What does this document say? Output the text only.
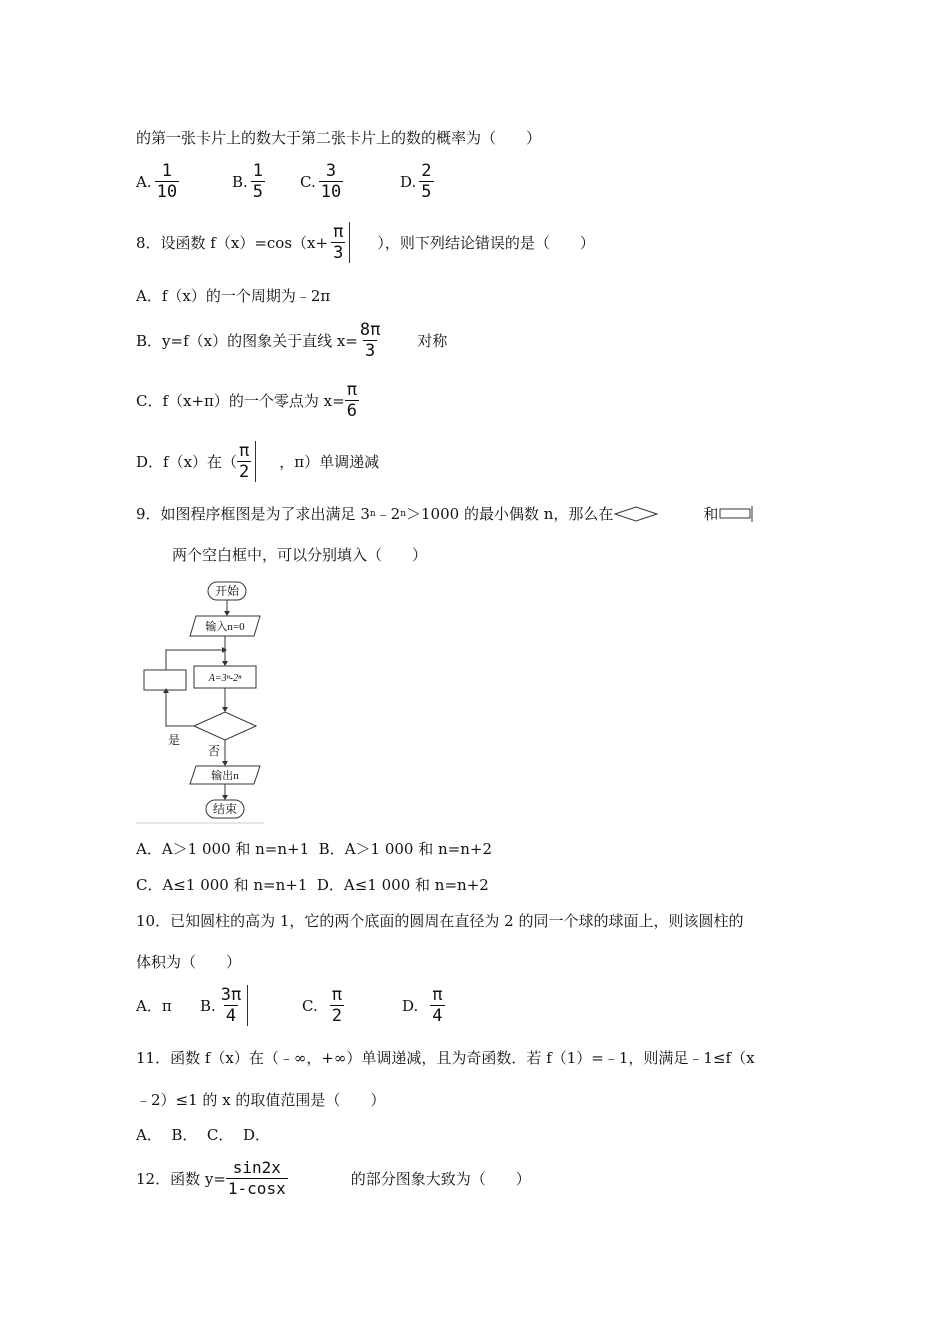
的第一张卡片上的数大于第二张卡片上的数的概率为（　　）
A. $\frac{1}{10}$	B. $\frac{1}{5} C$. $\frac{3}{10}$	D. $\frac{2}{5}$
8．设函数 $f(x)=\cos(x+ \frac{\pi}{3}$ ），则下列结论错误的是（　　）
A．f（x）的一个周期为﹣2π
B．y=f（x）的图象关于直线 $x= \frac{8\pi}{3}$ 对称
C．f（x+π）的一个零点为 $x= \frac{\pi}{6}$
D．f（x）在（ $\frac{\pi}{2}$ ，π）单调递减
9．如图程序框图是为了求出满足 3 n ﹣2 n ＞1000 的最小偶数 n，那么在	和
两个空白框中，可以分别填入（　　）
开始
输入n=0
A=3ⁿ-2ⁿ
是
否
输出n
结束
A．A＞1 000 和 n=n+1  B．A＞1 000 和 n=n+2
C．A≤1 000 和 n=n+1  D．A≤1 000 和 n=n+2
10．已知圆柱的高为 1，它的两个底面的圆周在直径为 2 的同一个球的球面上，则该圆柱的
体积为（　　）
A．π B. $\frac{3\pi}{4}$	C. $\frac{\pi}{2}$	D. $\frac{\pi}{4}$
11．函数 f（x）在（﹣∞，+∞）单调递减，且为奇函数．若 f（1）=﹣1，则满足﹣1≤f（x
﹣2）≤1 的 x 的取值范围是（　　）
A．  B．  C．  D．
12．函数 $y= \frac{\sin 2x}{1-\cos x}$	的部分图象大致为（　　）
